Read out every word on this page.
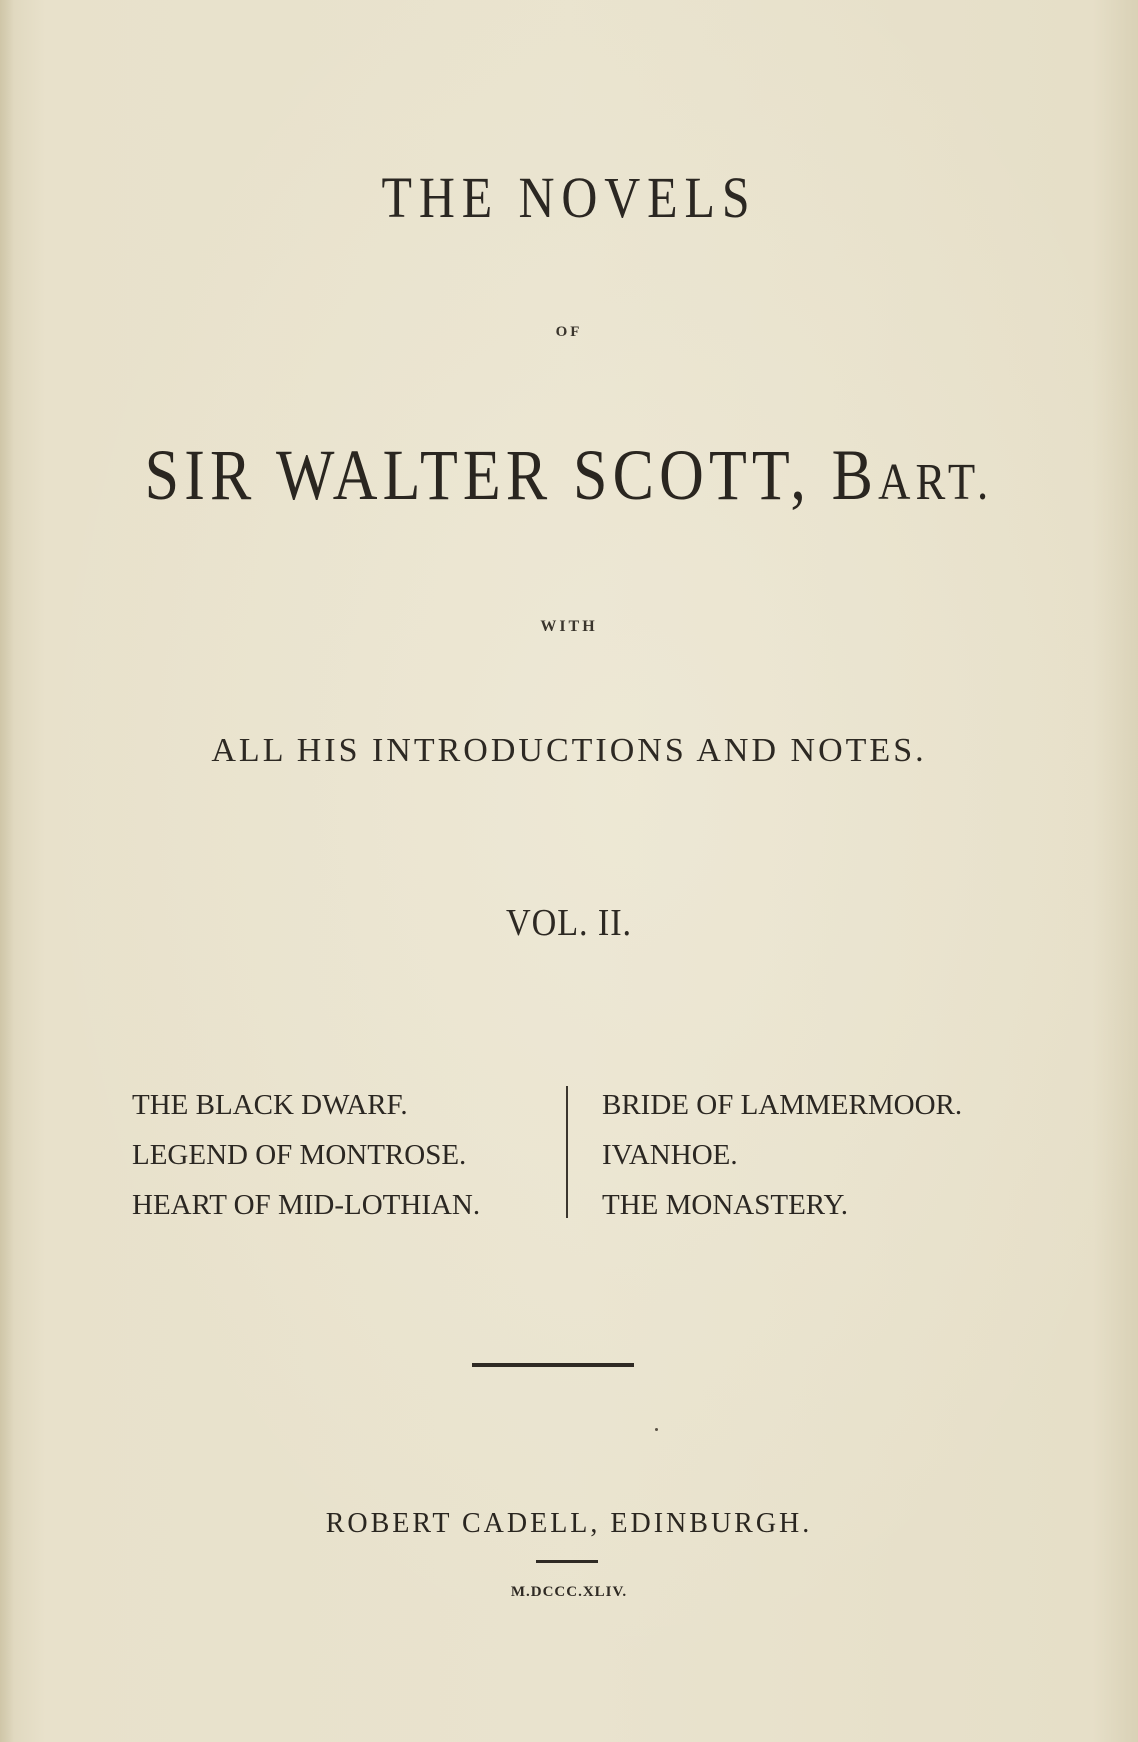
THE NOVELS

OF

SIR WALTER SCOTT, BART.

WITH

ALL HIS INTRODUCTIONS AND NOTES.

VOL. II.

THE BLACK DWARF.
LEGEND OF MONTROSE.
HEART OF MID-LOTHIAN.
BRIDE OF LAMMERMOOR.
IVANHOE.
THE MONASTERY.

ROBERT CADELL, EDINBURGH.

M.DCCC.XLIV.
